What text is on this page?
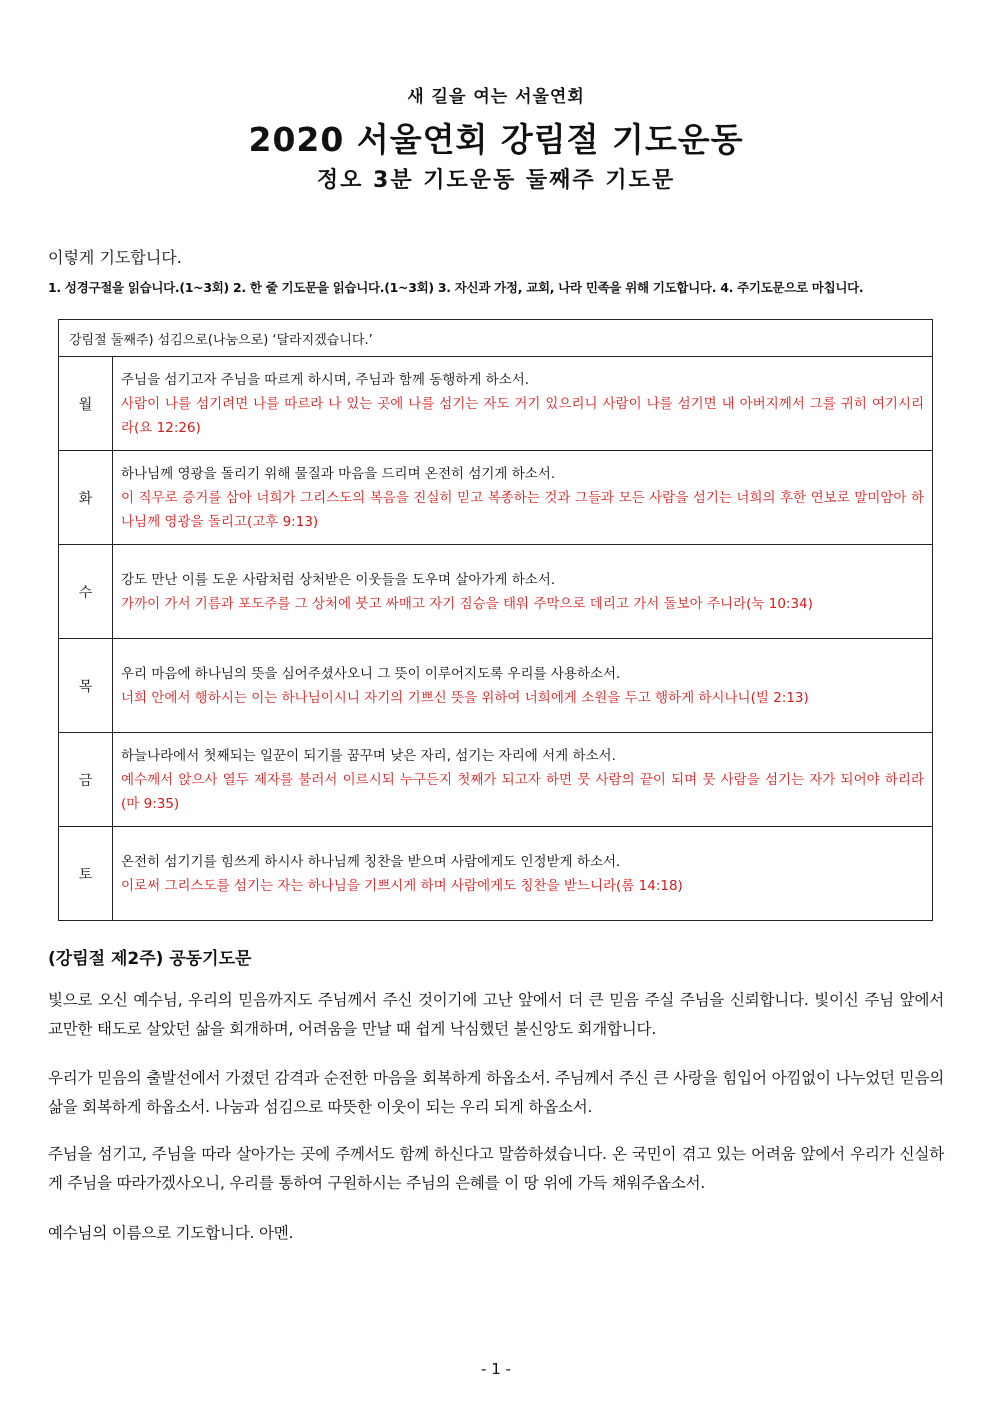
새 길을 여는 서울연회
2020 서울연회 강림절 기도운동
정오 3분 기도운동 둘째주 기도문
이렇게 기도합니다.
1. 성경구절을 읽습니다.(1~3회) 2. 한 줄 기도문을 읽습니다.(1~3회) 3. 자신과 가정, 교회, 나라 민족을 위해 기도합니다. 4. 주기도문으로 마칩니다.
강림절 둘째주) 섬김으로(나눔으로) ‘달라지겠습니다.’	
월	주님을 섬기고자 주님을 따르게 하시며, 주님과 함께 동행하게 하소서.
사람이 나를 섬기려면 나를 따르라 나 있는 곳에 나를 섬기는 자도 거기 있으리니 사람이 나를 섬기면 내 아버지께서 그를 귀히 여기시리라(요 12:26)

화	하나님께 영광을 돌리기 위해 물질과 마음을 드리며 온전히 섬기게 하소서.
이 직무로 증거를 삼아 너희가 그리스도의 복음을 진실히 믿고 복종하는 것과 그들과 모든 사람을 섬기는 너희의 후한 연보로 말미암아 하나님께 영광을 돌리고(고후 9:13)

수	강도 만난 이를 도운 사람처럼 상처받은 이웃들을 도우며 살아가게 하소서.
가까이 가서 기름과 포도주를 그 상처에 붓고 싸매고 자기 짐승을 태워 주막으로 데리고 가서 돌보아 주니라(눅 10:34)

목	우리 마음에 하나님의 뜻을 심어주셨사오니 그 뜻이 이루어지도록 우리를 사용하소서.
너희 안에서 행하시는 이는 하나님이시니 자기의 기쁘신 뜻을 위하여 너희에게 소원을 두고 행하게 하시나니(빌 2:13)

금	하늘나라에서 첫째되는 일꾼이 되기를 꿈꾸며 낮은 자리, 섬기는 자리에 서게 하소서.
예수께서 앉으사 열두 제자를 불러서 이르시되 누구든지 첫째가 되고자 하면 뭇 사람의 끝이 되며 뭇 사람을 섬기는 자가 되어야 하리라(마 9:35)

토	온전히 섬기기를 힘쓰게 하시사 하나님께 칭찬을 받으며 사람에게도 인정받게 하소서.
이로써 그리스도를 섬기는 자는 하나님을 기쁘시게 하며 사람에게도 칭찬을 받느니라(롬 14:18)
(강림절 제2주) 공동기도문
빛으로 오신 예수님, 우리의 믿음까지도 주님께서 주신 것이기에 고난 앞에서 더 큰 믿음 주실 주님을 신뢰합니다. 빛이신 주님 앞에서 교만한 태도로 살았던 삶을 회개하며, 어려움을 만날 때 쉽게 낙심했던 불신앙도 회개합니다.
우리가 믿음의 출발선에서 가졌던 감격과 순전한 마음을 회복하게 하옵소서. 주님께서 주신 큰 사랑을 힘입어 아낌없이 나누었던 믿음의 삶을 회복하게 하옵소서. 나눔과 섬김으로 따뜻한 이웃이 되는 우리 되게 하옵소서.
주님을 섬기고, 주님을 따라 살아가는 곳에 주께서도 함께 하신다고 말씀하셨습니다. 온 국민이 겪고 있는 어려움 앞에서 우리가 신실하게 주님을 따라가겠사오니, 우리를 통하여 구원하시는 주님의 은혜를 이 땅 위에 가득 채워주옵소서.
예수님의 이름으로 기도합니다. 아멘.
- 1 -
